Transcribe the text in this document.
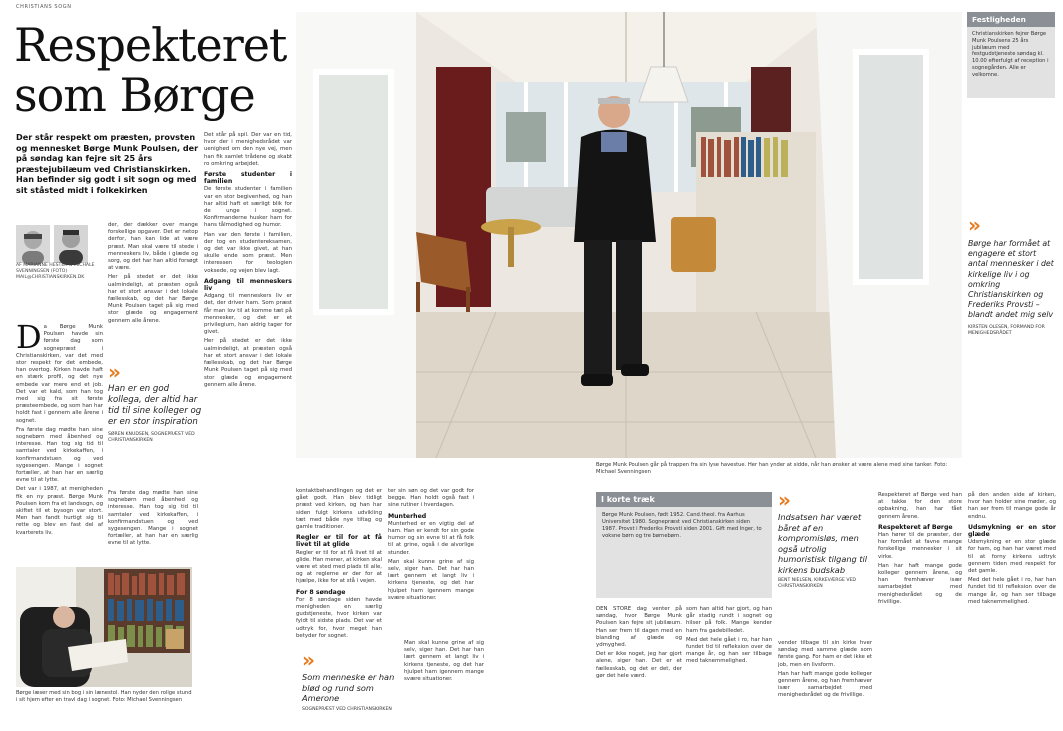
CHRISTIANS SOGN
Respekteret som Børge
Der står respekt om præsten, provsten og mennesket Børge Munk Poulsen, der på søndag kan fejre sit 25 års præstejubilæum ved Christianskirken. Han befinder sig godt i sit sogn og med sit ståsted midt i folkekirken
AF MARIANNE HESTER & MICHALE SVENNINGSEN (FOTO) MAIL@CHRISTIANSKIRKEN.DK

Da Børge Munk Poulsen havde sin første dag som sognepræst i Christianskirken, var det med stor respekt for det embede, han overtog. Kirken havde haft en stærk profil, og det nye embede var mere end et job. Det var et kald, som han tog med sig fra sit første præsteembede, og som han har holdt fast i gennem alle årene i sognet.

Fra første dag mødte han sine sognebørn med åbenhed og interesse. Han tog sig tid til samtaler ved kirkekaffen, i konfirmandstuen og ved sygesengen. Mange i sognet fortæller, at han har en særlig evne til at lytte.

Det var i 1987, at menigheden fik en ny præst. Børge Munk Poulsen kom fra et landsogn, og skiftet til et bysogn var stort. Men han fandt hurtigt sig til rette og blev en fast del af kvarterets liv.

der, der dækker over mange forskellige opgaver. Det er netop derfor, han kan lide at være præst. Man skal være til stede i menneskers liv, både i glæde og sorg, og det har han altid forsøgt at være.

Her på stedet er det ikke ualmindeligt, at præsten også har et stort ansvar i det lokale fællesskab, og det har Børge Munk Poulsen taget på sig med stor glæde og engagement gennem alle årene.

»
Han er en god kollega, der altid har tid til sine kolleger og er en stor inspiration
SØREN KNUDSEN, SOGNEPRÆST VED CHRISTIANSKIRKEN

Fra første dag mødte han sine sognebørn med åbenhed og interesse. Han tog sig tid til samtaler ved kirkekaffen, i konfirmandstuen og ved sygesengen. Mange i sognet fortæller, at han har en særlig evne til at lytte.

Det står på spil. Der var en tid, hvor der i menighedsrådet var uenighed om den nye vej, men han fik samlet trådene og skabt ro omkring arbejdet.

Første studenter i familien

De første studenter i familien var en stor begivenhed, og han har altid haft et særligt blik for de unge i sognet. Konfirmanderne husker ham for hans tålmodighed og humor.

Han var den første i familien, der tog en studentereksamen, og det var ikke givet, at han skulle ende som præst. Men interessen for teologien voksede, og vejen blev lagt.

Adgang til menneskers liv

Adgang til menneskers liv er det, der driver ham. Som præst får man lov til at komme tæt på mennesker, og det er et privilegium, han aldrig tager for givet.

Her på stedet er det ikke ualmindeligt, at præsten også har et stort ansvar i det lokale fællesskab, og det har Børge Munk Poulsen taget på sig med stor glæde og engagement gennem alle årene.

Børge læser med sin bog i sin lænestol. Han nyder den rolige stund i sit hjem efter en travl dag i sognet. Foto: Michael Svenningsen
Børge Munk Poulsen går på trappen fra sin lyse havestue. Her han ynder at sidde, når han ønsker at være alene med sine tanker. Foto: Michael Svenningsen
Festligheden
Christianskirken fejrer Børge Munk Poulsens 25 års jubilæum med festgudstjeneste søndag kl. 10.00 efterfulgt af reception i sognegården. Alle er velkomne.
»
Børge har formået at engagere et stort antal mennesker i det kirkelige liv i og omkring Christianskirken og Frederiks Provsti – blandt andet mig selv
KIRSTEN OLESEN, FORMAND FOR MENIGHEDSRÅDET

kontaktbehandlingen og det er gået godt. Han blev tidligt præst ved kirken, og han har siden fulgt kirkens udvikling tæt med både nye tiltag og gamle traditioner.

Regler er til for at få livet til at glide

Regler er til for at få livet til at glide. Han mener, at kirken skal være et sted med plads til alle, og at reglerne er der for at hjælpe, ikke for at stå i vejen.

For 8 søndage

For 8 søndage siden havde menigheden en særlig gudstjeneste, hvor kirken var fyldt til sidste plads. Det var et udtryk for, hvor meget han betyder for sognet.

ter sin søn og det var godt for begge. Han holdt også fast i sine rutiner i hverdagen.

Munterhed

Munterhed er en vigtig del af ham. Han er kendt for sin gode humor og sin evne til at få folk til at grine, også i de alvorlige stunder.

Man skal kunne grine af sig selv, siger han. Det har han lært gennem et langt liv i kirkens tjeneste, og det har hjulpet ham igennem mange svære situationer.

»
Som menneske er han blød og rund som Amerone
SOGNEPRÆST VED CHRISTIANSKIRKEN

Man skal kunne grine af sig selv, siger han. Det har han lært gennem et langt liv i kirkens tjeneste, og det har hjulpet ham igennem mange svære situationer.

I korte træk
Børge Munk Poulsen, født 1952. Cand.theol. fra Aarhus Universitet 1980. Sognepræst ved Christianskirken siden 1987. Provst i Frederiks Provsti siden 2001. Gift med Inger, to voksne børn og tre børnebørn.

DEN STORE dag venter på søndag, hvor Børge Munk Poulsen kan fejre sit jubilæum. Han ser frem til dagen med en blanding af glæde og ydmyghed.

Det er ikke noget, jeg har gjort alene, siger han. Det er et fællesskab, og det er det, der gør det hele værd.

som han altid har gjort, og han går stadig rundt i sognet og hilser på folk. Mange kender ham fra gadebilledet.

Med det hele gået i ro, har han fundet tid til refleksion over de mange år, og han ser tilbage med taknemmelighed.

»
Indsatsen har været båret af en kompromisløs, men også utrolig humoristisk tilgang til kirkens budskab
BENT NIELSEN, KIRKEVÆRGE VED CHRISTIANSKIRKEN

vender tilbage til sin kirke hver søndag med samme glæde som første gang. For ham er det ikke et job, men en livsform.

Han har haft mange gode kolleger gennem årene, og han fremhæver især samarbejdet med menighedsrådet og de frivillige.

Respekteret af Børge ved han at takke for den store opbakning, han har fået gennem årene.

Respekteret af Børge

Han hører til de præster, der har formået at favne mange forskellige mennesker i sit virke.

Han har haft mange gode kolleger gennem årene, og han fremhæver især samarbejdet med menighedsrådet og de frivillige.

på den anden side af kirken, hvor han holder sine møder, og han ser frem til mange gode år endnu.

Udsmykning er en stor glæde

Udsmykning er en stor glæde for ham, og han har været med til at forny kirkens udtryk gennem tiden med respekt for det gamle.

Med det hele gået i ro, har han fundet tid til refleksion over de mange år, og han ser tilbage med taknemmelighed.
